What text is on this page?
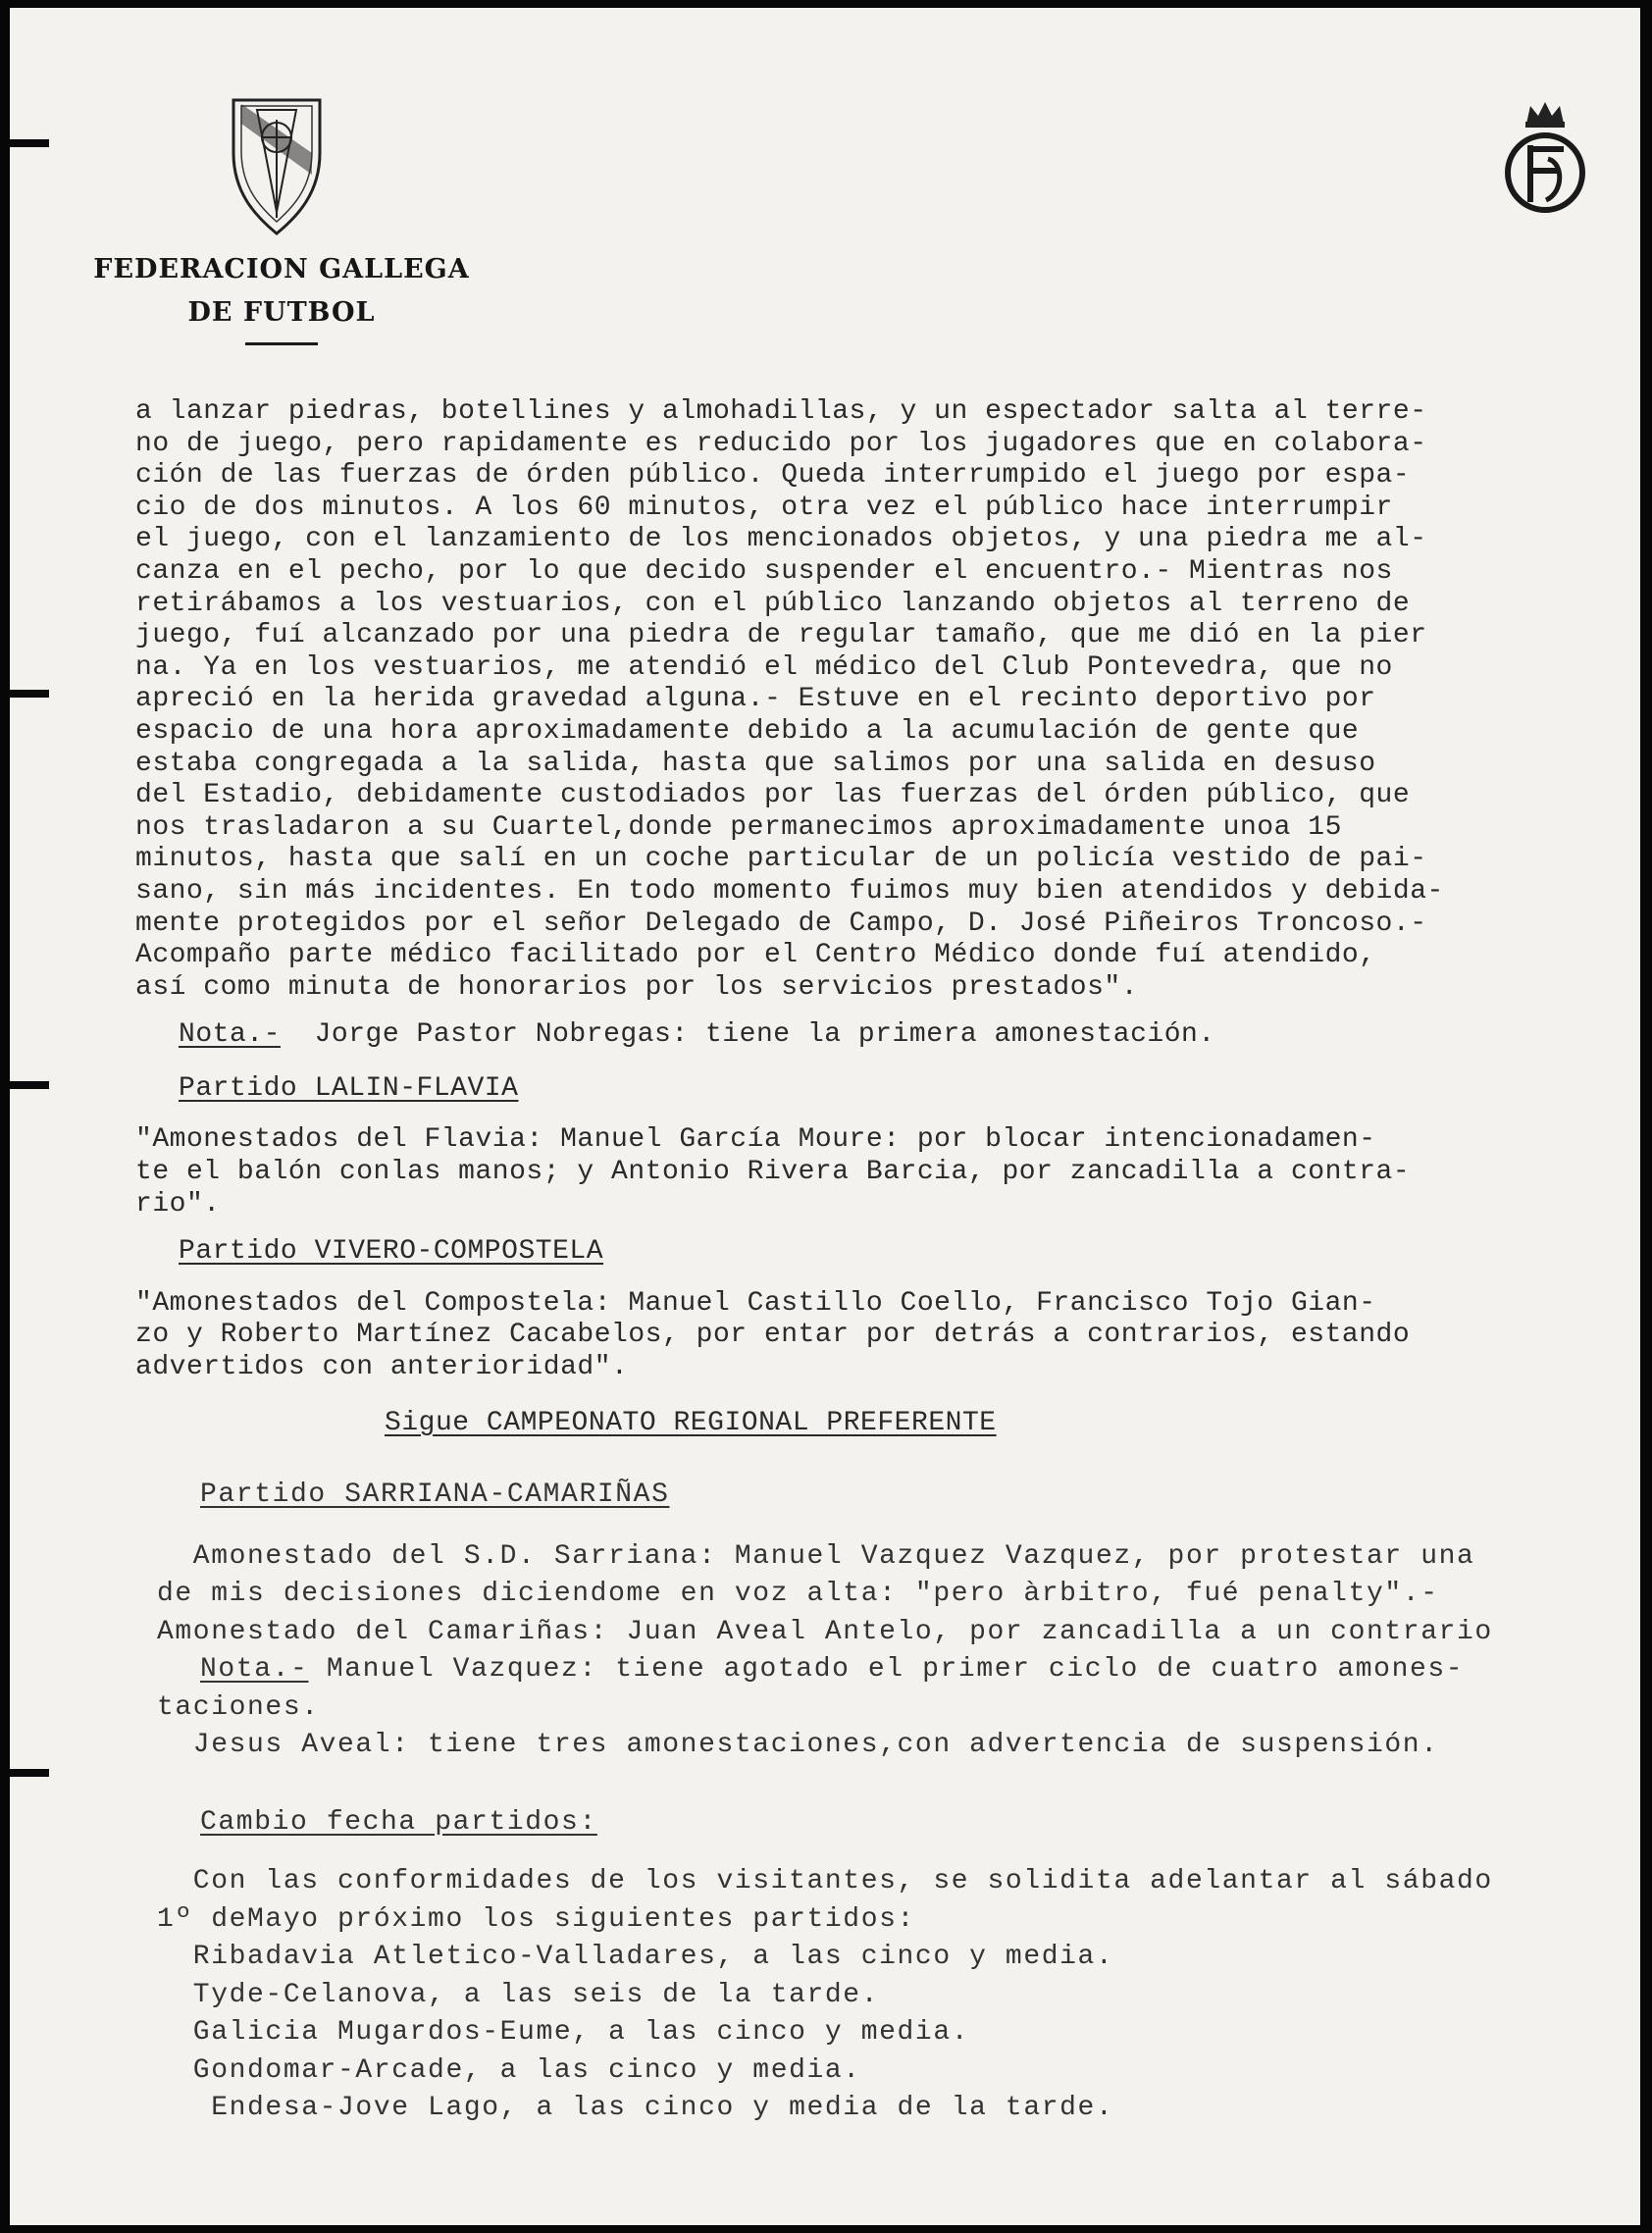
FEDERACION GALLEGA
DE FUTBOL

a lanzar piedras, botellines y almohadillas, y un espectador salta al terre-

no de juego, pero rapidamente es reducido por los jugadores que en colabora-

ción de las fuerzas de órden público. Queda interrumpido el juego por espa-

cio de dos minutos. A los 60 minutos, otra vez el público hace interrumpir

el juego, con el lanzamiento de los mencionados objetos, y una piedra me al-

canza en el pecho, por lo que decido suspender el encuentro.- Mientras nos

retirábamos a los vestuarios, con el público lanzando objetos al terreno de

juego, fuí alcanzado por una piedra de regular tamaño, que me dió en la pier

na. Ya en los vestuarios, me atendió el médico del Club Pontevedra, que no

apreció en la herida gravedad alguna.- Estuve en el recinto deportivo por

espacio de una hora aproximadamente debido a la acumulación de gente que

estaba congregada a la salida, hasta que salimos por una salida en desuso

del Estadio, debidamente custodiados por las fuerzas del órden público, que

nos trasladaron a su Cuartel,donde permanecimos aproximadamente unoa 15

minutos, hasta que salí en un coche particular de un policía vestido de pai-

sano, sin más incidentes. En todo momento fuimos muy bien atendidos y debida-

mente protegidos por el señor Delegado de Campo, D. José Piñeiros Troncoso.-

Acompaño parte médico facilitado por el Centro Médico donde fuí atendido,

así como minuta de honorarios por los servicios prestados".

Nota.-  Jorge Pastor Nobregas: tiene la primera amonestación.

Partido LALIN-FLAVIA

"Amonestados del Flavia: Manuel García Moure: por blocar intencionadamen-

te el balón conlas manos; y Antonio Rivera Barcia, por zancadilla a contra-

rio".

Partido VIVERO-COMPOSTELA

"Amonestados del Compostela: Manuel Castillo Coello, Francisco Tojo Gian-

zo y Roberto Martínez Cacabelos, por entar por detrás a contrarios, estando

advertidos con anterioridad".

Sigue CAMPEONATO REGIONAL PREFERENTE

Partido SARRIANA-CAMARIÑAS

Amonestado del S.D. Sarriana: Manuel Vazquez Vazquez, por protestar una

de mis decisiones diciendome en voz alta: "pero àrbitro, fué penalty".-

Amonestado del Camariñas: Juan Aveal Antelo, por zancadilla a un contrario

Nota.- Manuel Vazquez: tiene agotado el primer ciclo de cuatro amones-

taciones.

Jesus Aveal: tiene tres amonestaciones,con advertencia de suspensión.

Cambio fecha partidos:

Con las conformidades de los visitantes, se solidita adelantar al sábado

1º deMayo próximo los siguientes partidos:

Ribadavia Atletico-Valladares, a las cinco y media.

Tyde-Celanova, a las seis de la tarde.

Galicia Mugardos-Eume, a las cinco y media.

Gondomar-Arcade, a las cinco y media.

Endesa-Jove Lago, a las cinco y media de la tarde.
